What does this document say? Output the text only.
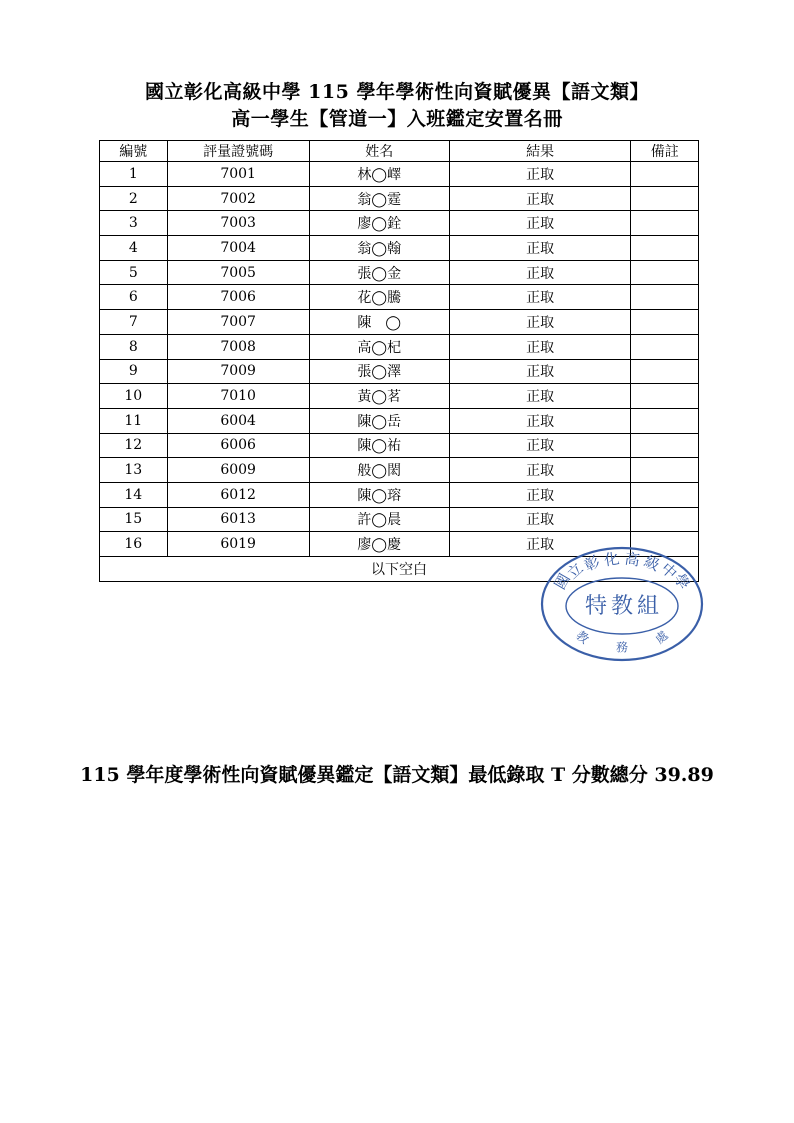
國立彰化高級中學 115 學年學術性向資賦優異【語文類】
高一學生【管道一】入班鑑定安置名冊
編號	評量證號碼	姓名	結果	備註
1	7001	林◯嶧	正取	
2	7002	翁◯霆	正取	
3	7003	廖◯銓	正取	
4	7004	翁◯翰	正取	
5	7005	張◯金	正取	
6	7006	花◯騰	正取	
7	7007	陳　◯	正取	
8	7008	高◯杞	正取	
9	7009	張◯澤	正取	
10	7010	黃◯茗	正取	
11	6004	陳◯岳	正取	
12	6006	陳◯祐	正取	
13	6009	般◯閎	正取	
14	6012	陳◯瑢	正取	
15	6013	許◯晨	正取	
16	6019	廖◯慶	正取	
以下空白				
115 學年度學術性向資賦優異鑑定【語文類】最低錄取 T 分數總分 39.89
國
立
彰 化 高 級
中
學
特 教 組
教
務
處
